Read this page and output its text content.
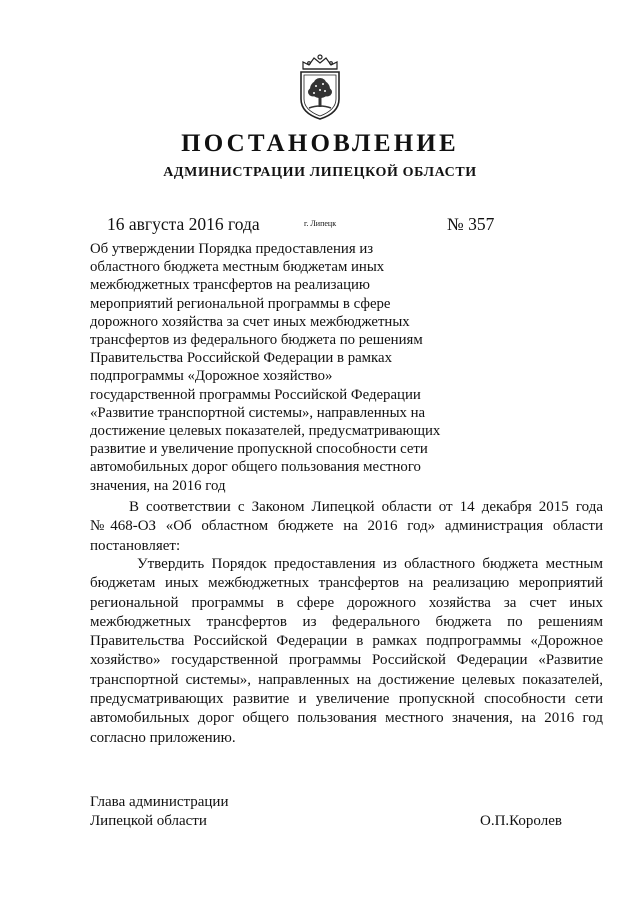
ПОСТАНОВЛЕНИЕ
АДМИНИСТРАЦИИ ЛИПЕЦКОЙ ОБЛАСТИ
16 августа 2016 года	г. Липецк	№ 357

Об утверждении Порядка предоставления из
областного бюджета местным бюджетам иных
межбюджетных трансфертов на реализацию
мероприятий региональной программы в сфере
дорожного хозяйства за счет иных межбюджетных
трансфертов из федерального бюджета по решениям
Правительства Российской Федерации в рамках
подпрограммы «Дорожное хозяйство»
государственной программы Российской Федерации
«Развитие транспортной системы», направленных на
достижение целевых показателей, предусматривающих
развитие и увеличение пропускной способности сети
автомобильных дорог общего пользования местного
значения, на 2016 год

В соответствии с Законом Липецкой области от 14 декабря 2015 года №468-ОЗ «Об областном бюджете на 2016 год» администрация области постановляет:

Утвердить Порядок предоставления из областного бюджета местным бюджетам иных межбюджетных трансфертов на реализацию мероприятий региональной программы в сфере дорожного хозяйства за счет иных межбюджетных трансфертов из федерального бюджета по решениям Правительства Российской Федерации в рамках подпрограммы «Дорожное хозяйство» государственной программы Российской Федерации «Развитие транспортной системы», направленных на достижение целевых показателей, предусматривающих развитие и увеличение пропускной способности сети автомобильных дорог общего пользования местного значения, на 2016 год согласно приложению.

Глава администрации
Липецкой области	О.П.Королев
